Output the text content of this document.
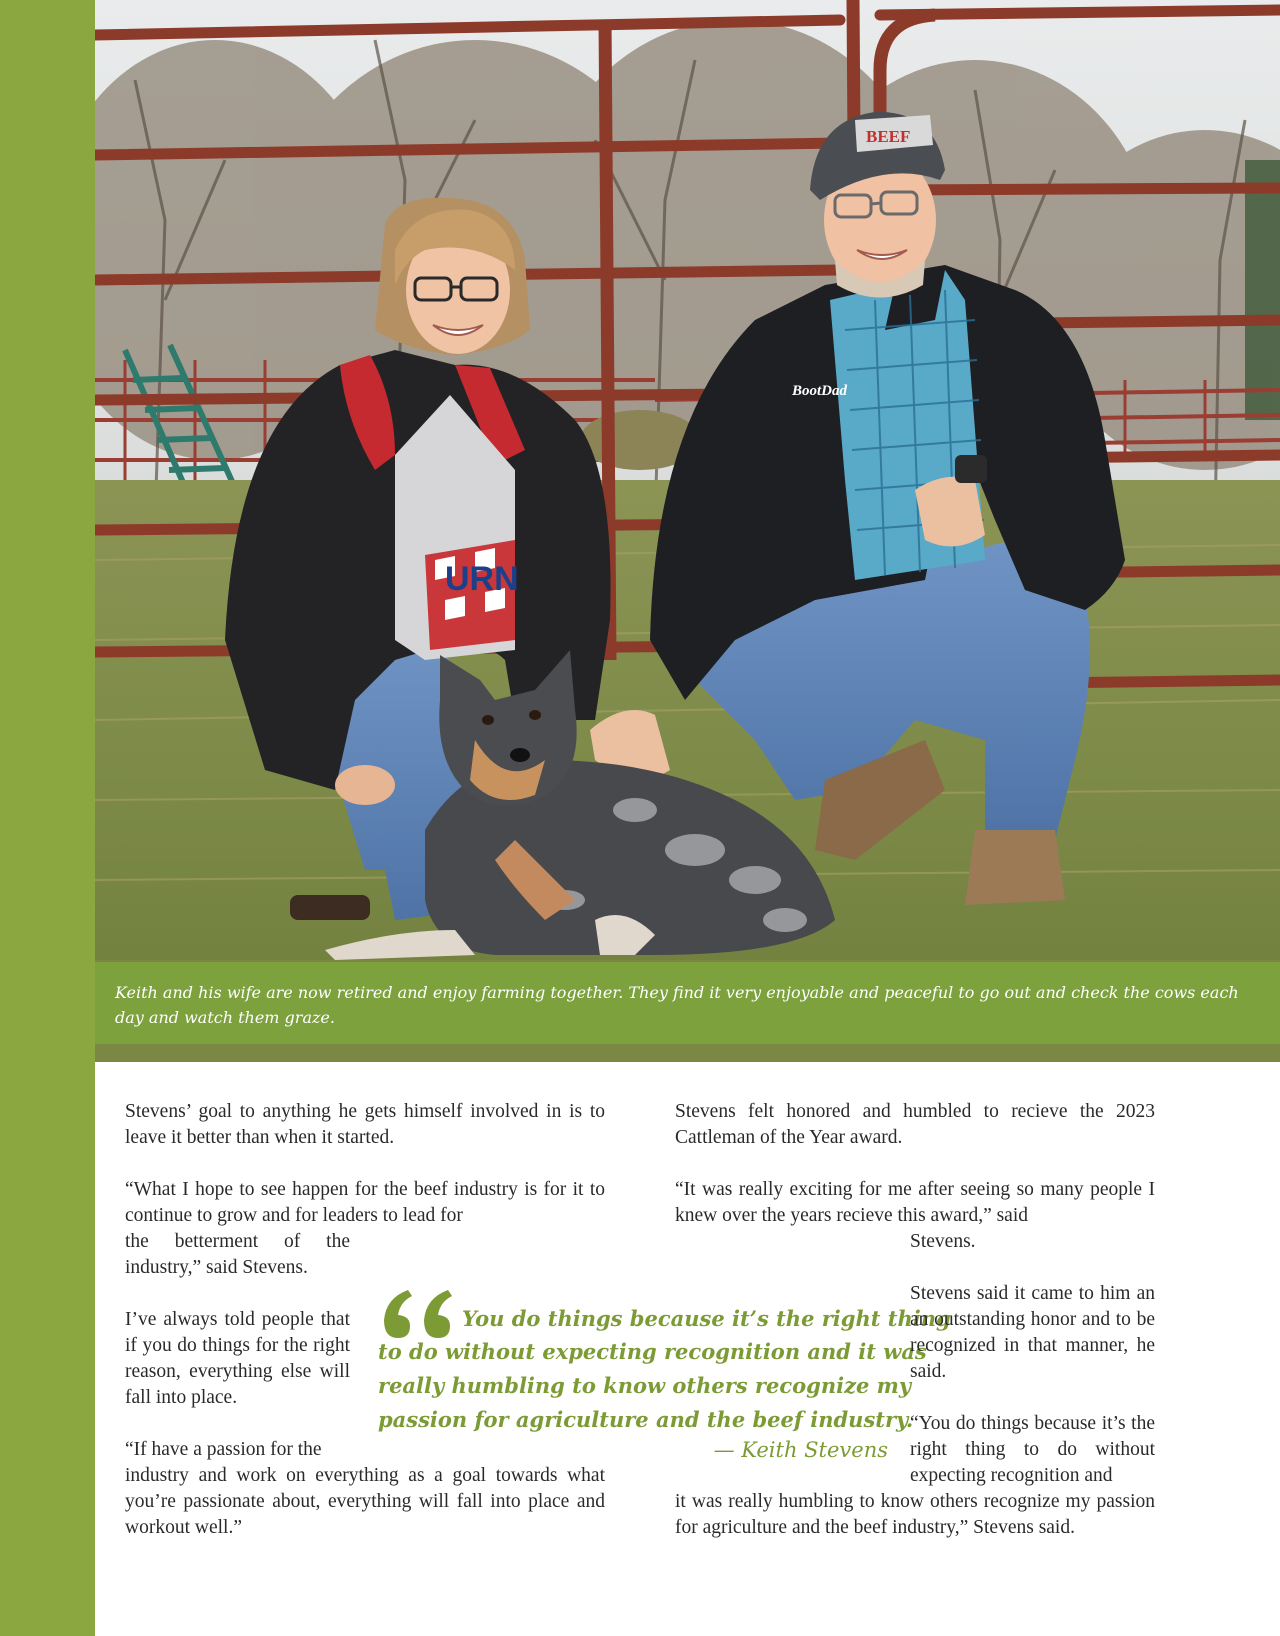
URN
BootDad
BEEF

Keith and his wife are now retired and enjoy farming together. They find it very enjoyable and peaceful to go out and check the cows each day and watch them graze.

Stevens’ goal to anything he gets himself involved in is to leave it better than when it started.

“What I hope to see happen for the beef industry is for it to continue to grow and for leaders to lead for

the betterment of the industry,” said Stevens.

I’ve always told people that if you do things for the right reason, everything else will fall into place.

“If have a passion for the

industry and work on everything as a goal towards what you’re passionate about, everything will fall into place and workout well.”

You do things because it’s the right thing
to do without expecting recognition and it was
really humbling to know others recognize my
passion for agriculture and the beef industry.
— Keith Stevens

Stevens felt honored and humbled to recieve the 2023 Cattleman of the Year award.

“It was really exciting for me after seeing so many people I knew over the years recieve this award,” said

Stevens.

Stevens said it came to him an an outstanding honor and to be recognized in that manner, he said.

“You do things because it’s the right thing to do without expecting recognition and

it was really humbling to know others recognize my passion for agriculture and the beef industry,” Stevens said.
